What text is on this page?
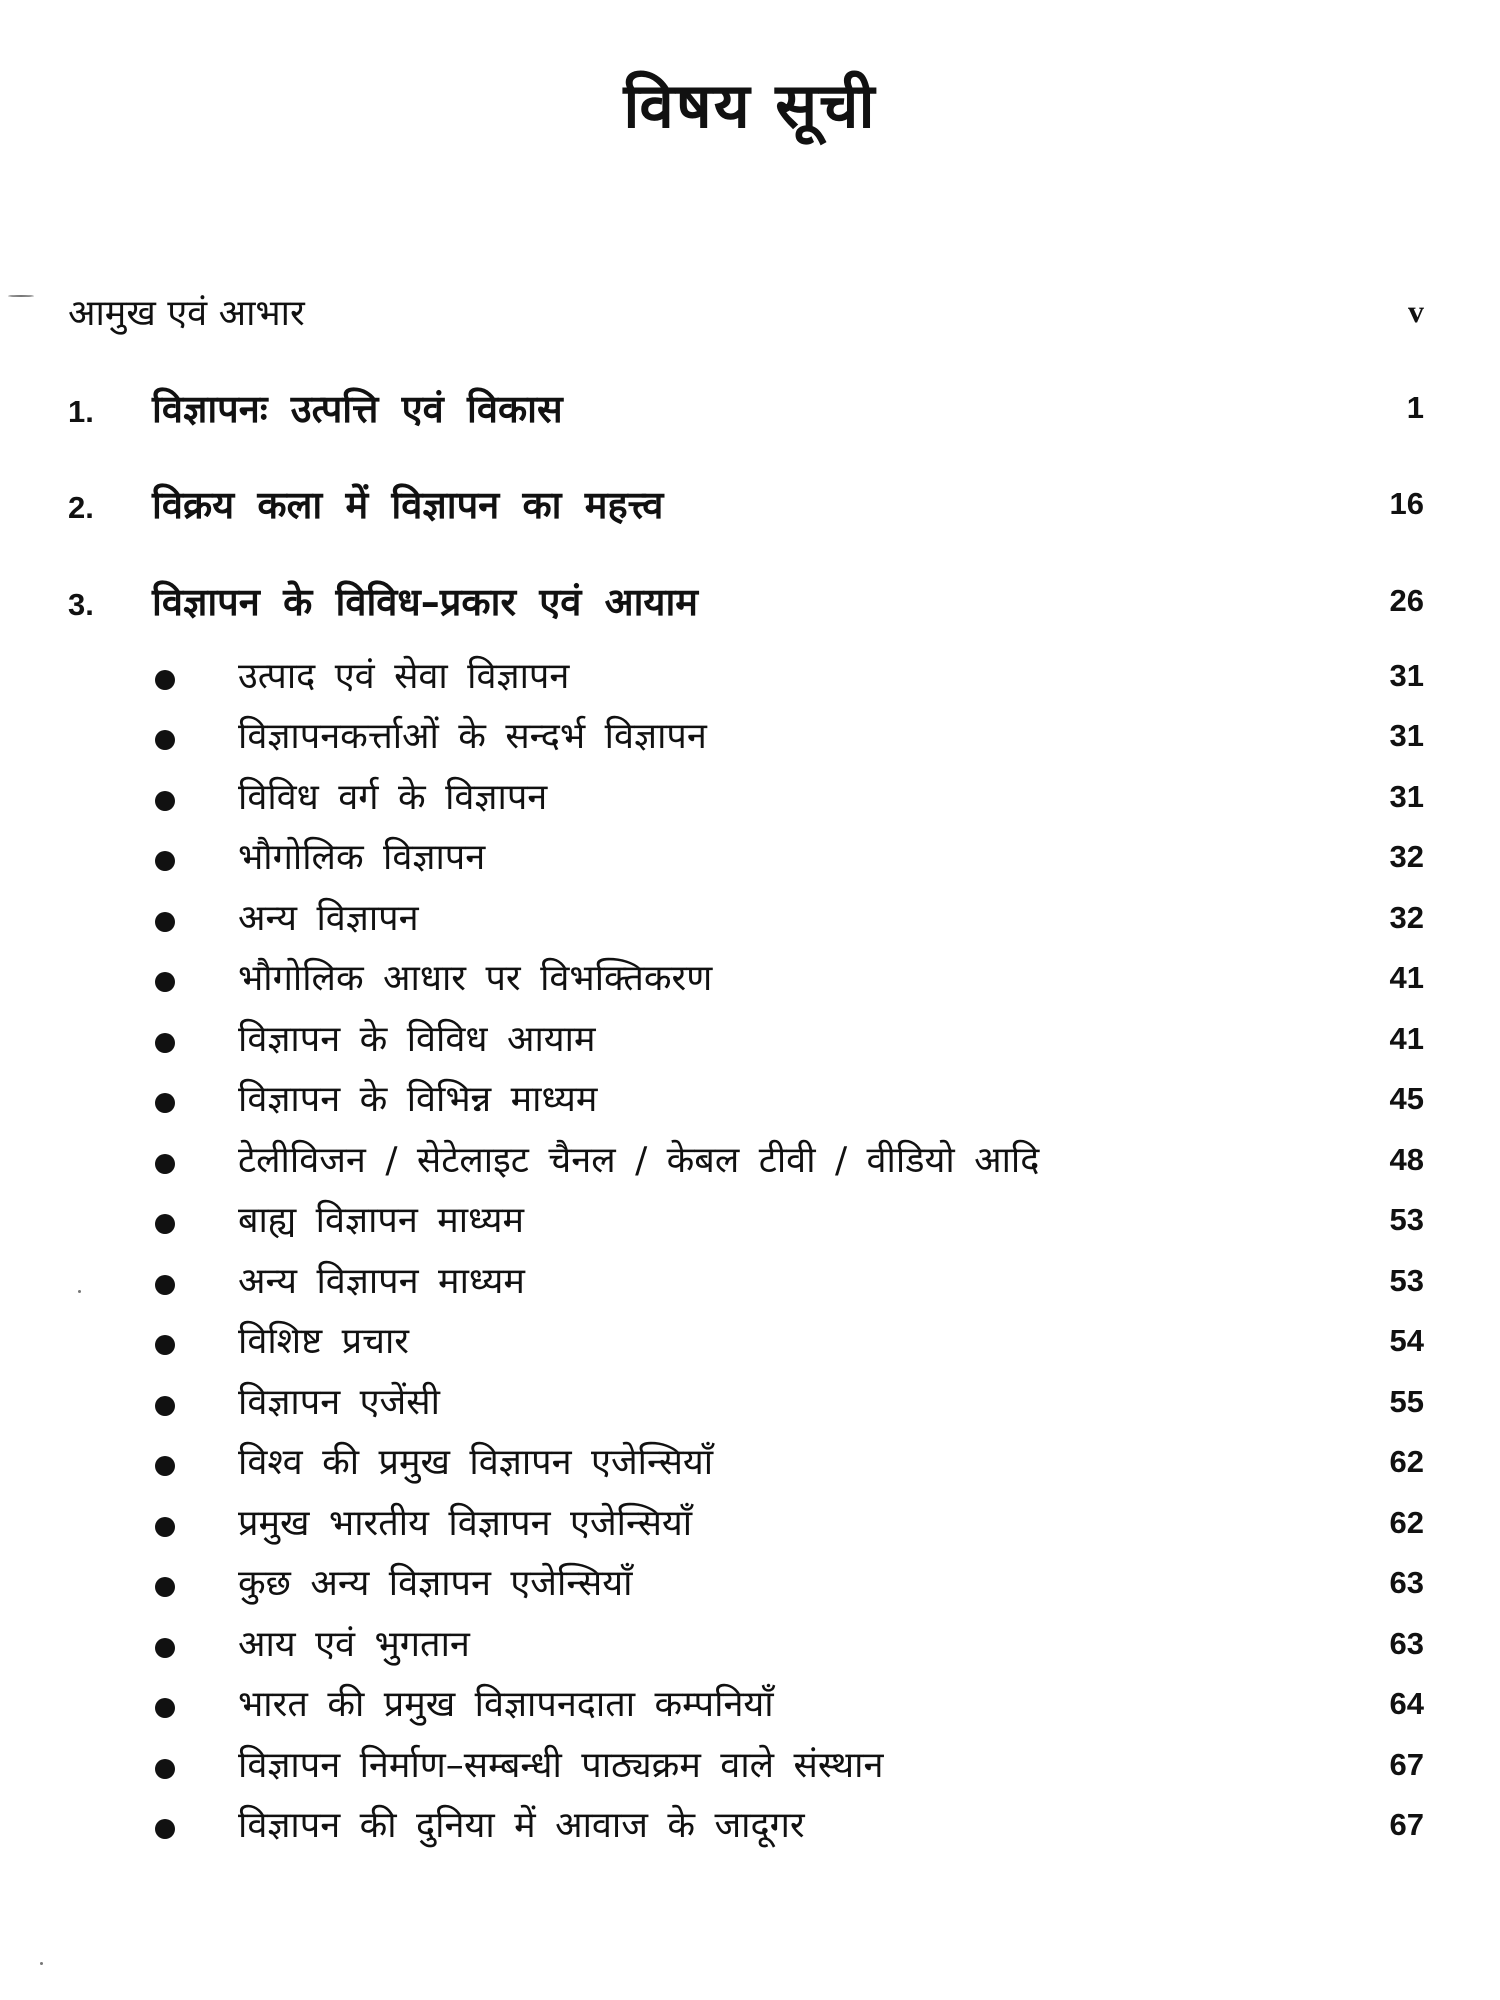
विषय सूची
आमुख एवं आभार	v
1. विज्ञापनः उत्पत्ति एवं विकास	1
2. विक्रय कला में विज्ञापन का महत्त्व	16
3. विज्ञापन के विविध–प्रकार एवं आयाम	26
उत्पाद एवं सेवा विज्ञापन	31
विज्ञापनकर्त्ताओं के सन्दर्भ विज्ञापन	31
विविध वर्ग के विज्ञापन	31
भौगोलिक विज्ञापन	32
अन्य विज्ञापन	32
भौगोलिक आधार पर विभक्तिकरण	41
विज्ञापन के विविध आयाम	41
विज्ञापन के विभिन्न माध्यम	45
टेलीविजन / सेटेलाइट चैनल / केबल टीवी / वीडियो आदि	48
बाह्य विज्ञापन माध्यम	53
अन्य विज्ञापन माध्यम	53
विशिष्ट प्रचार	54
विज्ञापन एजेंसी	55
विश्व की प्रमुख विज्ञापन एजेन्सियाँ	62
प्रमुख भारतीय विज्ञापन एजेन्सियाँ	62
कुछ अन्य विज्ञापन एजेन्सियाँ	63
आय एवं भुगतान	63
भारत की प्रमुख विज्ञापनदाता कम्पनियाँ	64
विज्ञापन निर्माण–सम्बन्धी पाठ्यक्रम वाले संस्थान	67
विज्ञापन की दुनिया में आवाज के जादूगर	67
